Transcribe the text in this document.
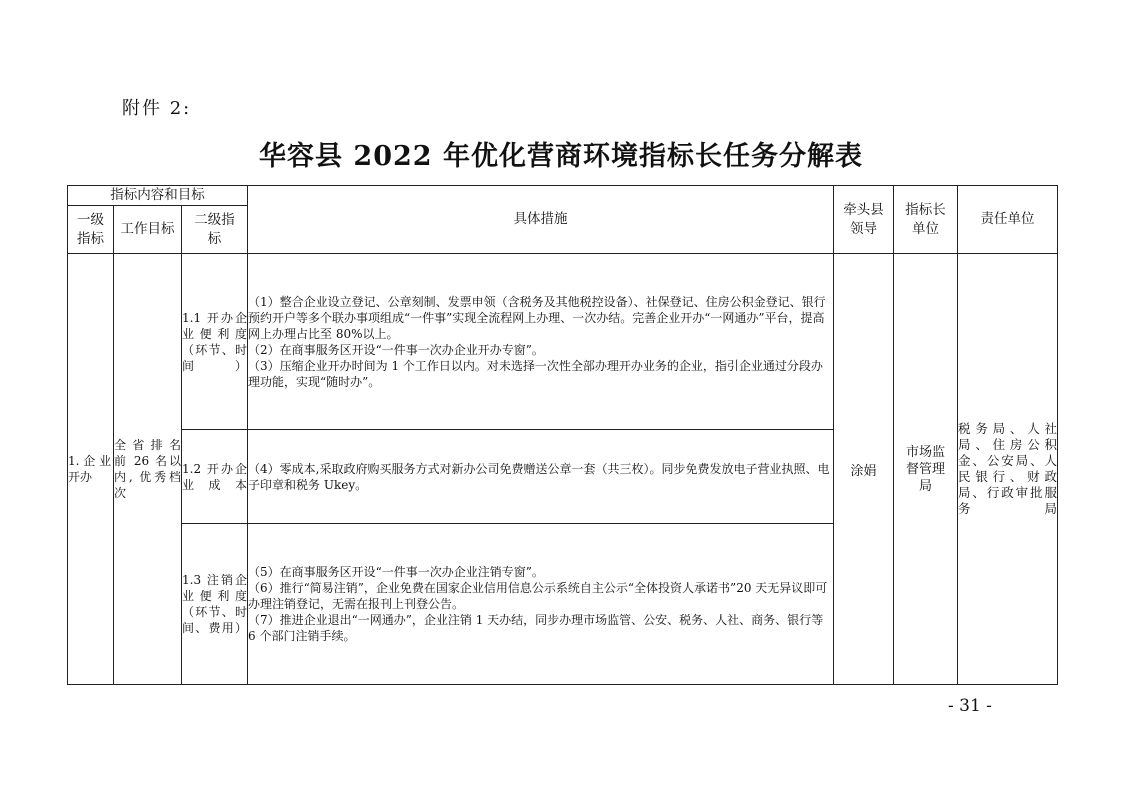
附件 2:
华容县 2022 年优化营商环境指标长任务分解表
指标内容和目标			具体措施	牵头县领导	指标长单位	责任单位
一级指标	工作目标	二级指标				
1. 企 业 开办	全 省 排 名 前 26 名以 内, 优秀档 次	1.1 开办企 业便利度 （环节、时 间）	（1）整合企业设立登记、公章刻制、发票申领（含税务及其他税控设备）、社保登记、住房公积金登记、银行预约开户等多个联办事项组成“一件事”实现全流程网上办理、一次办结。完善企业开办“一网通办”平台，提高网上办理占比至 80%以上。
（2）在商事服务区开设“一件事一次办企业开办专窗”。
（3）压缩企业开办时间为 1 个工作日以内。对未选择一次性全部办理开办业务的企业，指引企业通过分段办理功能，实现“随时办”。	涂娟	市场监督管理局	税务局、人社局、住房公积金、公安局、人民银行、财政局、行政审批服务局
		1.2 开办企 业成本	（4）零成本,采取政府购买服务方式对新办公司免费赠送公章一套（共三枚）。同步免费发放电子营业执照、电子印章和税务 Ukey。			

		1.3 注销企 业便利度 （环节、时 间、费用）	（5）在商事服务区开设“一件事一次办企业注销专窗”。
（6）推行“简易注销”，企业免费在国家企业信用信息公示系统自主公示“全体投资人承诺书”20 天无异议即可办理注销登记，无需在报刊上刊登公告。
（7）推进企业退出“一网通办”，企业注销 1 天办结，同步办理市场监管、公安、税务、人社、商务、银行等 6 个部门注销手续。			
- 31 -
